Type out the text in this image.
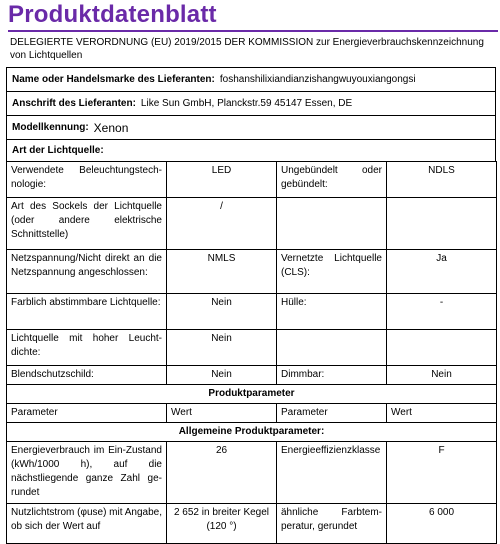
Produktdatenblatt
DELEGIERTE VERORDNUNG (EU) 2019/2015 DER KOMMISSION zur Energieverbrauchskennzeichnung von Lichtquellen
Name oder Handelsmarke des Lieferanten: foshanshilixiandianzishangwuyouxiangongsi
Anschrift des Lieferanten: Like Sun GmbH, Planckstr.59 45147 Essen, DE
Modellkennung: Xenon
Art der Lichtquelle:
Verwendete Beleuchtungstechnologie:	LED	Ungebündelt oder gebündelt:	NDLS
Art des Sockels der Lichtquelle (oder andere elektrische Schnittstelle)	/		
Netzspannung/Nicht direkt an die Netzspannung angeschlossen:	NMLS	Vernetzte Lichtquelle (CLS):	Ja
Farblich abstimmbare Lichtquelle:	Nein	Hülle:	-
Lichtquelle mit hoher Leuchtdichte:	Nein		
Blendschutzschild:	Nein	Dimmbar:	Nein
Produktparameter			
Parameter	Wert	Parameter	Wert
Allgemeine Produktparameter:			
Energieverbrauch im Ein-Zustand (kWh/1000 h), auf die nächstliegende ganze Zahl gerundet	26	Energieeffizienzklasse	F
Nutzlichtstrom (φuse) mit Angabe, ob sich der Wert auf	2 652 in breiter Kegel (120 °)	ähnliche Farbtemperatur, gerundet	6 000
